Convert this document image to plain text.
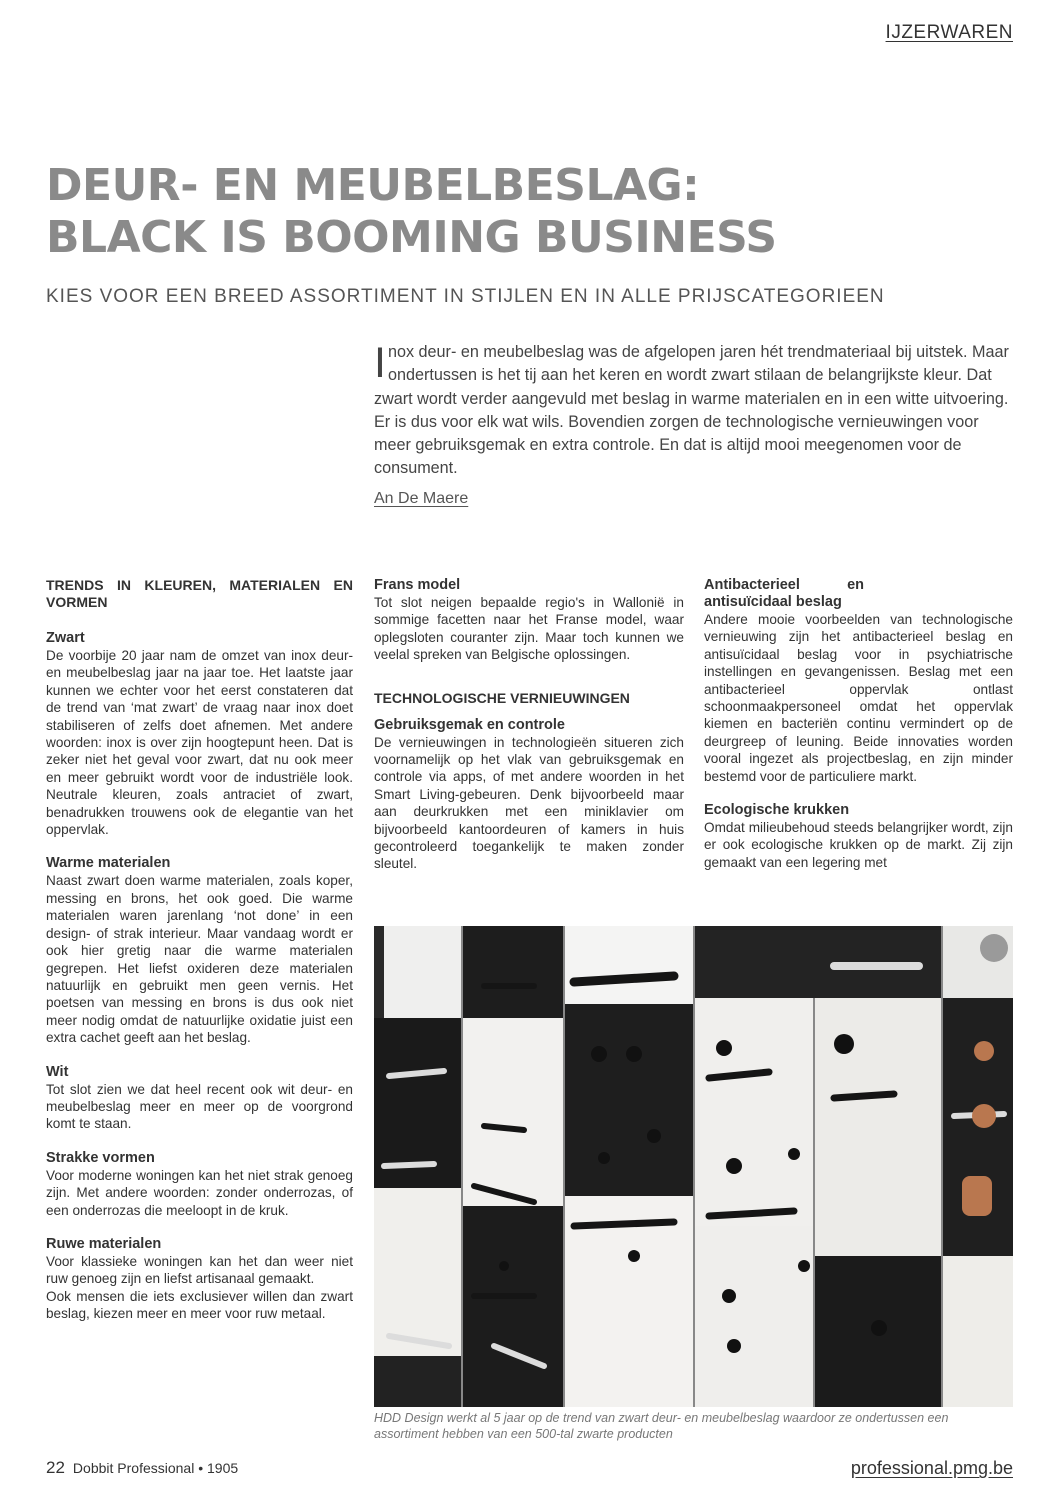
IJZERWAREN
DEUR- EN MEUBELBESLAG:
BLACK IS BOOMING BUSINESS
KIES VOOR EEN BREED ASSORTIMENT IN STIJLEN EN IN ALLE PRIJSCATEGORIEEN
Inox deur- en meubelbeslag was de afgelopen jaren hét trendmateriaal bij uitstek. Maar ondertussen is het tij aan het keren en wordt zwart stilaan de belangrijkste kleur. Dat zwart wordt verder aangevuld met beslag in warme materialen en in een witte uitvoering. Er is dus voor elk wat wils. Bovendien zorgen de technologische vernieuwingen voor meer gebruiksgemak en extra controle. En dat is altijd mooi meegenomen voor de consument.
An De Maere
TRENDS IN KLEUREN, MATERIALEN EN VORMEN
Zwart

De voorbije 20 jaar nam de omzet van inox deur- en meubelbeslag jaar na jaar toe. Het laatste jaar kunnen we echter voor het eerst constateren dat de trend van ‘mat zwart’ de vraag naar inox doet stabiliseren of zelfs doet afnemen. Met andere woorden: inox is over zijn hoogtepunt heen. Dat is zeker niet het geval voor zwart, dat nu ook meer en meer gebruikt wordt voor de industriële look. Neutrale kleuren, zoals antraciet of zwart, benadrukken trouwens ook de elegantie van het oppervlak.

Warme materialen

Naast zwart doen warme materialen, zoals koper, messing en brons, het ook goed. Die warme materialen waren jarenlang ‘not done’ in een design- of strak interieur. Maar vandaag wordt er ook hier gretig naar die warme materialen gegrepen. Het liefst oxideren deze materialen natuurlijk en gebruikt men geen vernis. Het poetsen van messing en brons is dus ook niet meer nodig omdat de natuurlijke oxidatie juist een extra cachet geeft aan het beslag.

Wit

Tot slot zien we dat heel recent ook wit deur- en meubelbeslag meer en meer op de voorgrond komt te staan.

Strakke vormen

Voor moderne woningen kan het niet strak genoeg zijn. Met andere woorden: zonder onderrozas, of een onderrozas die meeloopt in de kruk.

Ruwe materialen

Voor klassieke woningen kan het dan weer niet ruw genoeg zijn en liefst artisanaal gemaakt.

Ook mensen die iets exclusiever willen dan zwart beslag, kiezen meer en meer voor ruw metaal.

Frans model

Tot slot neigen bepaalde regio's in Wallonië in sommige facetten naar het Franse model, waar oplegsloten couranter zijn. Maar toch kunnen we veelal spreken van Belgische oplossingen.

TECHNOLOGISCHE VERNIEUWINGEN
Gebruiksgemak en controle

De vernieuwingen in technologieën situeren zich voornamelijk op het vlak van gebruiksgemak en controle via apps, of met andere woorden in het Smart Living-gebeuren. Denk bijvoorbeeld maar aan deurkrukken met een miniklavier om bijvoorbeeld kantoordeuren of kamers in huis gecontroleerd toegankelijk te maken zonder sleutel.

Antibacterieel en antisuïcidaal beslag

Andere mooie voorbeelden van technologische vernieuwing zijn het antibacterieel beslag en antisuïcidaal beslag voor in psychiatrische instellingen en gevangenissen. Beslag met een antibacterieel oppervlak ontlast schoonmaakpersoneel omdat het oppervlak kiemen en bacteriën continu vermindert op de deurgreep of leuning. Beide innovaties worden vooral ingezet als projectbeslag, en zijn minder bestemd voor de particuliere markt.

Ecologische krukken

Omdat milieubehoud steeds belangrijker wordt, zijn er ook ecologische krukken op de markt. Zij zijn gemaakt van een legering met

HDD Design werkt al 5 jaar op de trend van zwart deur- en meubelbeslag waardoor ze ondertussen een assortiment hebben van een 500-tal zwarte producten
22 Dobbit Professional • 1905	professional.pmg.be
